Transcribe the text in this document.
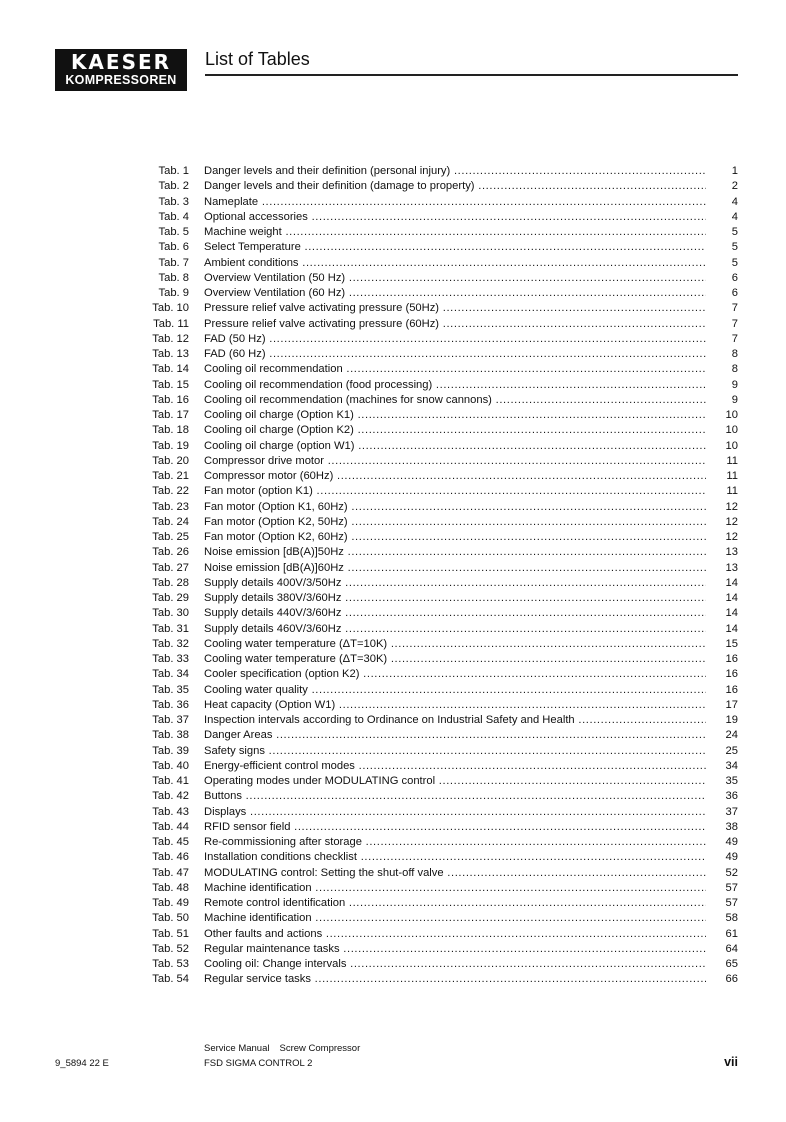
KAESER
KOMPRESSOREN
List of Tables
Tab. 1 Danger levels and their definition (personal injury) .....	1
Tab. 2 Danger levels and their definition (damage to property) .....	2
Tab. 3 Nameplate .....	4
Tab. 4 Optional accessories .....	4
Tab. 5 Machine weight .....	5
Tab. 6 Select Temperature .....	5
Tab. 7 Ambient conditions .....	5
Tab. 8 Overview Ventilation (50 Hz) .....	6
Tab. 9 Overview Ventilation (60 Hz) .....	6
Tab. 10 Pressure relief valve activating pressure (50Hz) .....	7
Tab. 11 Pressure relief valve activating pressure (60Hz) .....	7
Tab. 12 FAD (50 Hz) .....	7
Tab. 13 FAD (60 Hz) .....	8
Tab. 14 Cooling oil recommendation .....	8
Tab. 15 Cooling oil recommendation (food processing) .....	9
Tab. 16 Cooling oil recommendation (machines for snow cannons) .....	9
Tab. 17 Cooling oil charge (Option K1) .....	10
Tab. 18 Cooling oil charge (Option K2) .....	10
Tab. 19 Cooling oil charge (option W1) .....	10
Tab. 20 Compressor drive motor .....	11
Tab. 21 Compressor motor (60Hz) .....	11
Tab. 22 Fan motor (option K1) .....	11
Tab. 23 Fan motor (Option K1, 60Hz) .....	12
Tab. 24 Fan motor (Option K2, 50Hz) .....	12
Tab. 25 Fan motor (Option K2, 60Hz) .....	12
Tab. 26 Noise emission [dB(A)]50Hz .....	13
Tab. 27 Noise emission [dB(A)]60Hz .....	13
Tab. 28 Supply details 400V/3/50Hz .....	14
Tab. 29 Supply details 380V/3/60Hz .....	14
Tab. 30 Supply details 440V/3/60Hz .....	14
Tab. 31 Supply details 460V/3/60Hz .....	14
Tab. 32 Cooling water temperature (ΔT=10K) .....	15
Tab. 33 Cooling water temperature (ΔT=30K) .....	16
Tab. 34 Cooler specification (option K2) .....	16
Tab. 35 Cooling water quality .....	16
Tab. 36 Heat capacity (Option W1) .....	17
Tab. 37 Inspection intervals according to Ordinance on Industrial Safety and Health .....	19
Tab. 38 Danger Areas .....	24
Tab. 39 Safety signs .....	25
Tab. 40 Energy-efficient control modes .....	34
Tab. 41 Operating modes under MODULATING control .....	35
Tab. 42 Buttons .....	36
Tab. 43 Displays .....	37
Tab. 44 RFID sensor field .....	38
Tab. 45 Re-commissioning after storage .....	49
Tab. 46 Installation conditions checklist .....	49
Tab. 47 MODULATING control: Setting the shut-off valve .....	52
Tab. 48 Machine identification .....	57
Tab. 49 Remote control identification .....	57
Tab. 50 Machine identification .....	58
Tab. 51 Other faults and actions .....	61
Tab. 52 Regular maintenance tasks .....	64
Tab. 53 Cooling oil: Change intervals .....	65
Tab. 54 Regular service tasks .....	66
9_5894 22 E
Service Manual Screw Compressor
FSD SIGMA CONTROL 2	vii
